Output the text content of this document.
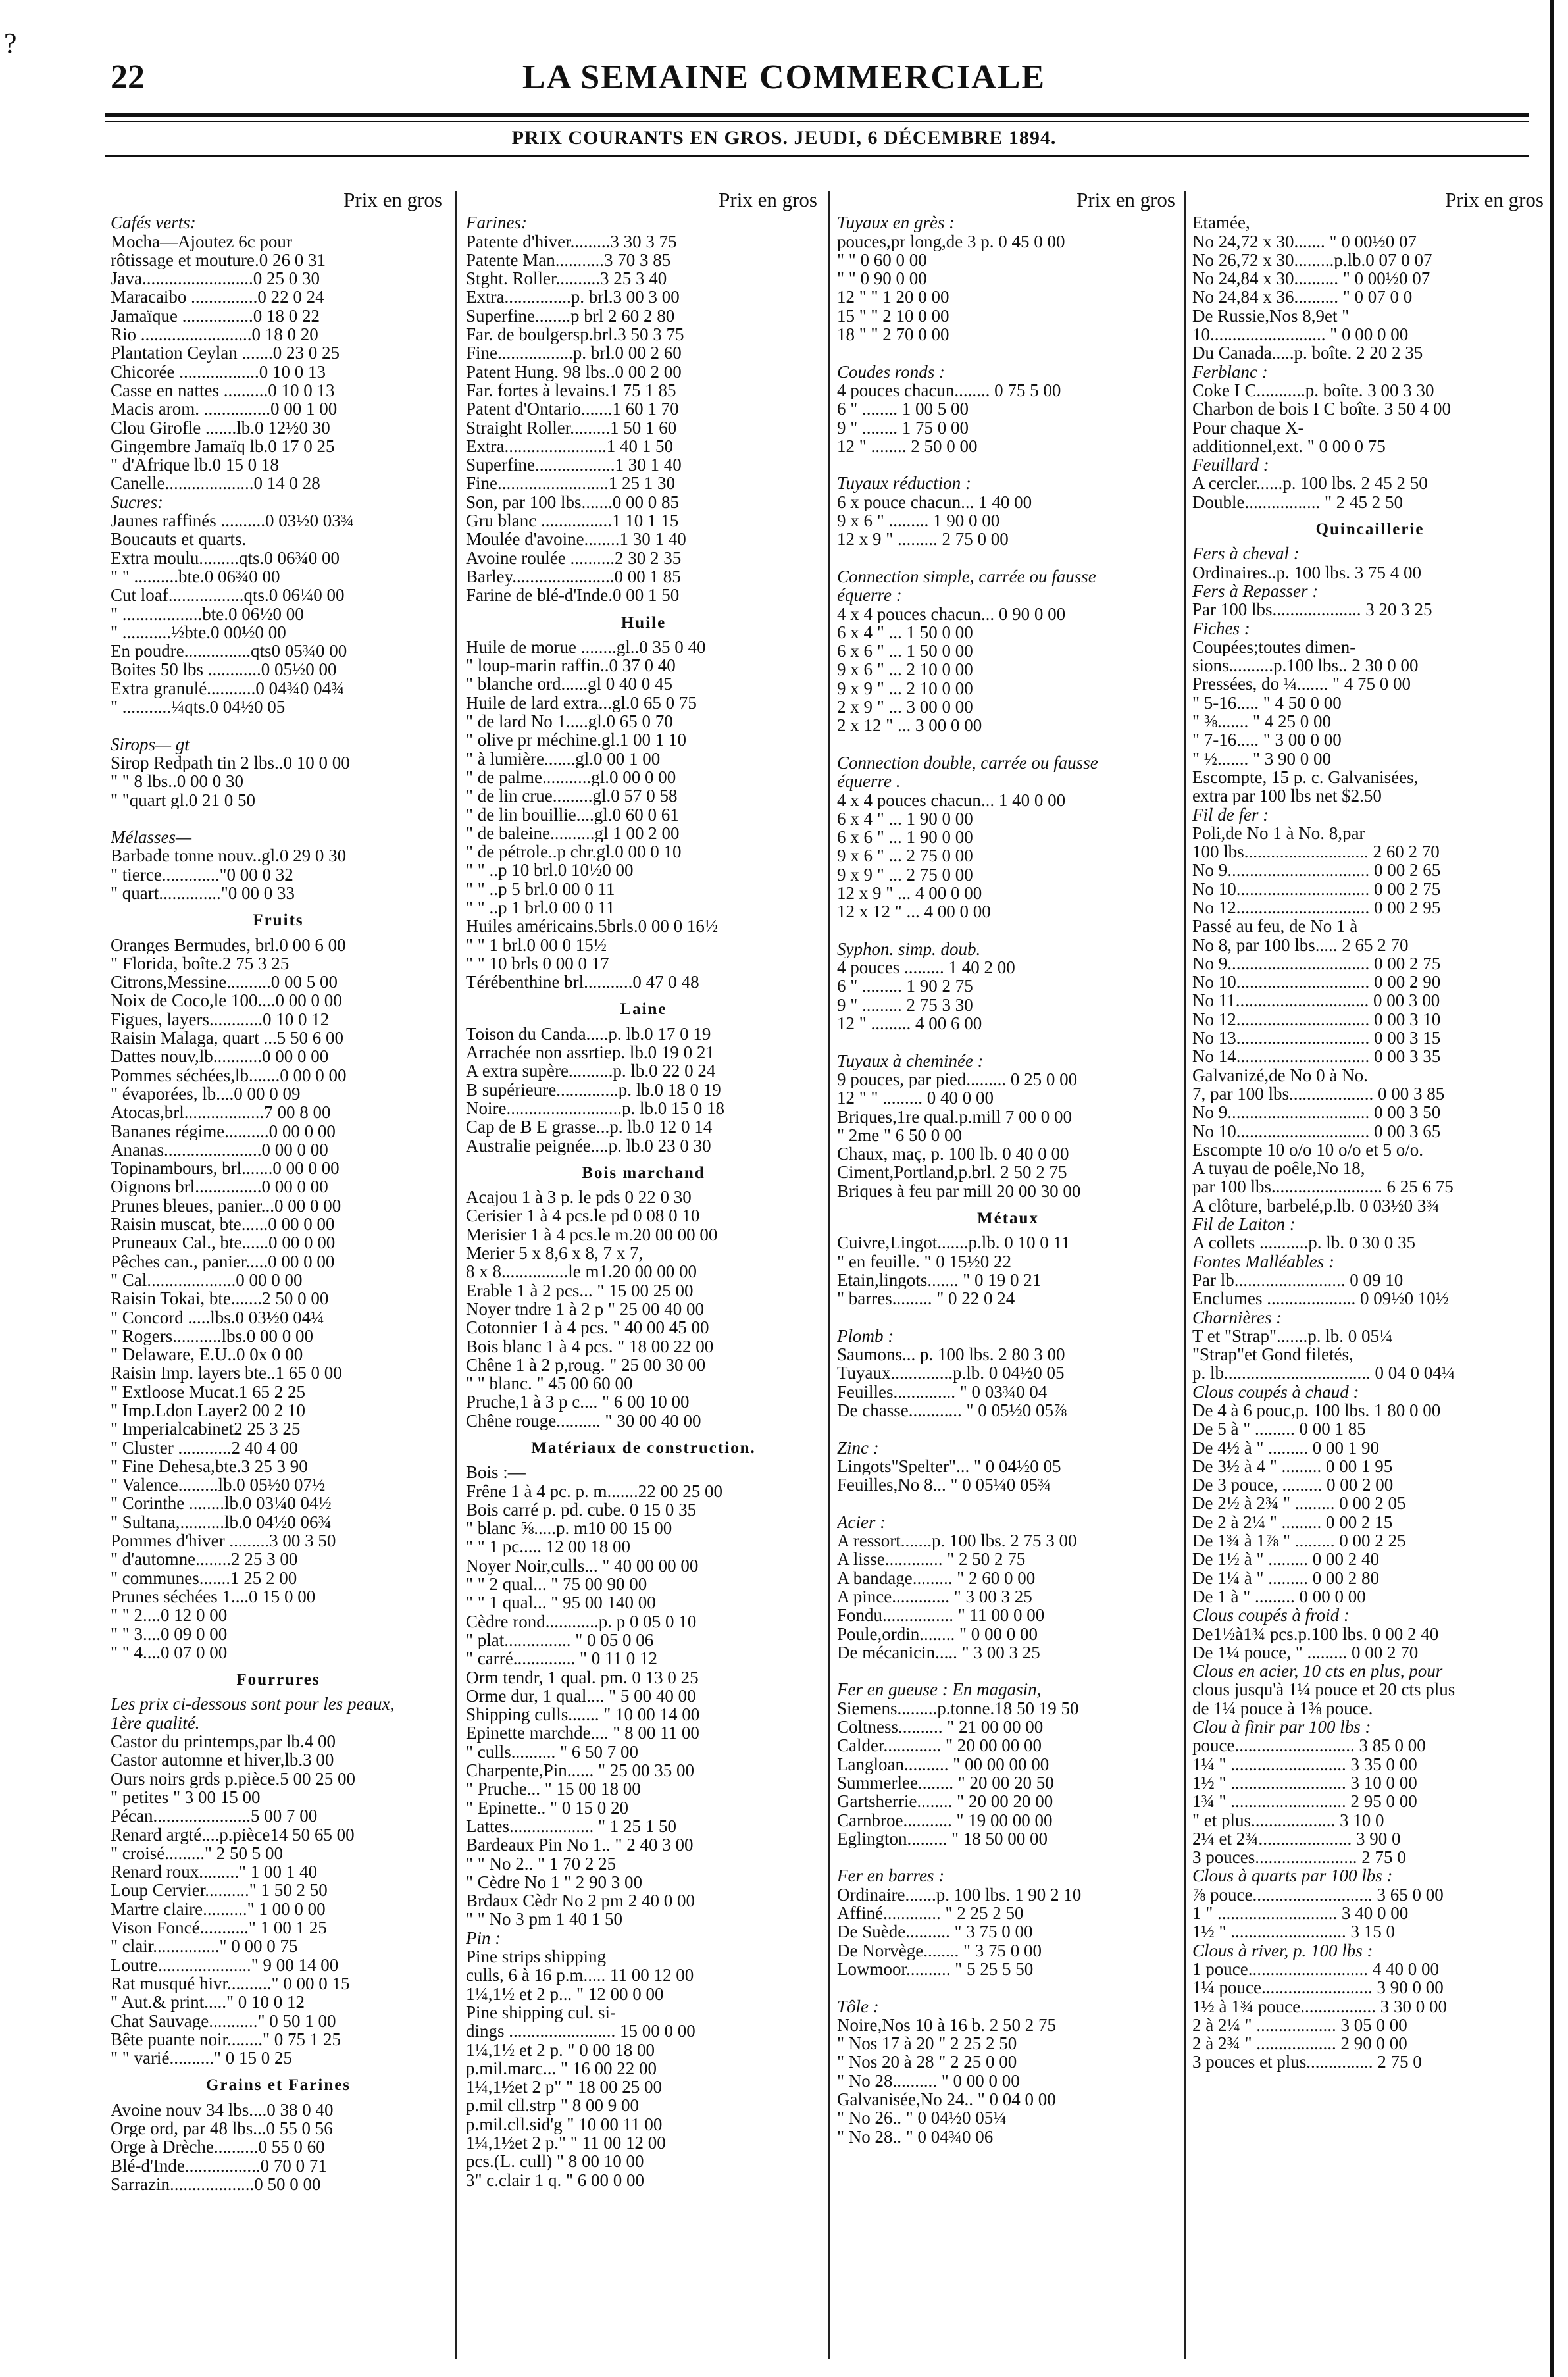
22	LA SEMAINE COMMERCIALE
PRIX COURANTS EN GROS. JEUDI, 6 DÉCEMBRE 1894.
?
Prix en gros
Cafés verts:
Mocha—Ajoutez 6c pour
rôtissage et mouture.0 26 0 31
Java.........................0 25 0 30
Maracaibo ...............0 22 0 24
Jamaïque ................0 18 0 22
Rio .........................0 18 0 20
Plantation Ceylan .......0 23 0 25
Chicorée ..................0 10 0 13
Casse en nattes ..........0 10 0 13
Macis arom. ...............0 00 1 00
Clou Girofle .......lb.0 12½0 30
Gingembre Jamaïq lb.0 17 0 25
" d'Afrique lb.0 15 0 18
Canelle....................0 14 0 28
Sucres:
Jaunes raffinés ..........0 03½0 03¾
Boucauts et quarts.
Extra moulu.........qts.0 06¾0 00
" " ..........bte.0 06¾0 00
Cut loaf.................qts.0 06¼0 00
" ..................bte.0 06½0 00
" ...........½bte.0 00½0 00
En poudre...............qts0 05¾0 00
Boites 50 lbs ............0 05½0 00
Extra granulé...........0 04¾0 04¾
" ...........¼qts.0 04½0 05
Sirops— gt
Sirop Redpath tin 2 lbs..0 10 0 00
" " 8 lbs..0 00 0 30
" "quart gl.0 21 0 50
Mélasses—
Barbade tonne nouv..gl.0 29 0 30
" tierce............."0 00 0 32
" quart.............."0 00 0 33
Fruits
Oranges Bermudes, brl.0 00 6 00
" Florida, boîte.2 75 3 25
Citrons,Messine..........0 00 5 00
Noix de Coco,le 100....0 00 0 00
Figues, layers............0 10 0 12
Raisin Malaga, quart ...5 50 6 00
Dattes nouv,lb...........0 00 0 00
Pommes séchées,lb.......0 00 0 00
" évaporées, lb....0 00 0 09
Atocas,brl..................7 00 8 00
Bananes régime..........0 00 0 00
Ananas......................0 00 0 00
Topinambours, brl.......0 00 0 00
Oignons brl...............0 00 0 00
Prunes bleues, panier...0 00 0 00
Raisin muscat, bte......0 00 0 00
Pruneaux Cal., bte......0 00 0 00
Pêches can., panier.....0 00 0 00
" Cal....................0 00 0 00
Raisin Tokai, bte.......2 50 0 00
" Concord .....lbs.0 03½0 04¼
" Rogers...........lbs.0 00 0 00
" Delaware, E.U..0 0x 0 00
Raisin Imp. layers bte..1 65 0 00
" Extloose Mucat.1 65 2 25
" Imp.Ldon Layer2 00 2 10
" Imperialcabinet2 25 3 25
" Cluster ............2 40 4 00
" Fine Dehesa,bte.3 25 3 90
" Valence.........lb.0 05½0 07½
" Corinthe ........lb.0 03¼0 04½
" Sultana,..........lb.0 04½0 06¾
Pommes d'hiver .........3 00 3 50
" d'automne........2 25 3 00
" communes.......1 25 2 00
Prunes séchées 1....0 15 0 00
" " 2....0 12 0 00
" " 3....0 09 0 00
" " 4....0 07 0 00
Fourrures
Les prix ci-dessous sont pour les peaux,
1ère qualité.
Castor du printemps,par lb.4 00
Castor automne et hiver,lb.3 00
Ours noirs grds p.pièce.5 00 25 00
" petites " 3 00 15 00
Pécan......................5 00 7 00
Renard argté....p.pièce14 50 65 00
" croisé........." 2 50 5 00
Renard roux........." 1 00 1 40
Loup Cervier.........." 1 50 2 50
Martre claire.........." 1 00 0 00
Vison Foncé..........." 1 00 1 25
" clair..............." 0 00 0 75
Loutre....................." 9 00 14 00
Rat musqué hivr.........." 0 00 0 15
" Aut.& print....." 0 10 0 12
Chat Sauvage..........." 0 50 1 00
Bête puante noir........" 0 75 1 25
" " varié.........." 0 15 0 25
Grains et Farines
Avoine nouv 34 lbs....0 38 0 40
Orge ord, par 48 lbs...0 55 0 56
Orge à Drèche..........0 55 0 60
Blé-d'Inde.................0 70 0 71
Sarrazin...................0 50 0 00
Prix en gros
Farines:
Patente d'hiver.........3 30 3 75
Patente Man...........3 70 3 85
Stght. Roller..........3 25 3 40
Extra...............p. brl.3 00 3 00
Superfine........p brl 2 60 2 80
Far. de boulgersp.brl.3 50 3 75
Fine.................p. brl.0 00 2 60
Patent Hung. 98 lbs..0 00 2 00
Far. fortes à levains.1 75 1 85
Patent d'Ontario.......1 60 1 70
Straight Roller.........1 50 1 60
Extra.......................1 40 1 50
Superfine..................1 30 1 40
Fine.........................1 25 1 30
Son, par 100 lbs.......0 00 0 85
Gru blanc ................1 10 1 15
Moulée d'avoine........1 30 1 40
Avoine roulée ..........2 30 2 35
Barley.......................0 00 1 85
Farine de blé-d'Inde.0 00 1 50
Huile
Huile de morue ........gl..0 35 0 40
" loup-marin raffin..0 37 0 40
" blanche ord......gl 0 40 0 45
Huile de lard extra...gl.0 65 0 75
" de lard No 1.....gl.0 65 0 70
" olive pr méchine.gl.1 00 1 10
" à lumière.......gl.0 00 1 00
" de palme...........gl.0 00 0 00
" de lin crue.........gl.0 57 0 58
" de lin bouillie....gl.0 60 0 61
" de baleine..........gl 1 00 2 00
" de pétrole..p chr.gl.0 00 0 10
" " ..p 10 brl.0 10½0 00
" " ..p 5 brl.0 00 0 11
" " ..p 1 brl.0 00 0 11
Huiles américains.5brls.0 00 0 16½
" " 1 brl.0 00 0 15½
" " 10 brls 0 00 0 17
Térébenthine brl...........0 47 0 48
Laine
Toison du Canda.....p. lb.0 17 0 19
Arrachée non assrtiep. lb.0 19 0 21
A extra supère..........p. lb.0 22 0 24
B supérieure..............p. lb.0 18 0 19
Noire..........................p. lb.0 15 0 18
Cap de B E grasse...p. lb.0 12 0 14
Australie peignée....p. lb.0 23 0 30
Bois marchand
Acajou 1 à 3 p. le pds 0 22 0 30
Cerisier 1 à 4 pcs.le pd 0 08 0 10
Merisier 1 à 4 pcs.le m.20 00 00 00
Merier 5 x 8,6 x 8, 7 x 7,
8 x 8...............le m1.20 00 00 00
Erable 1 à 2 pcs... " 15 00 25 00
Noyer tndre 1 à 2 p " 25 00 40 00
Cotonnier 1 à 4 pcs. " 40 00 45 00
Bois blanc 1 à 4 pcs. " 18 00 22 00
Chêne 1 à 2 p,roug. " 25 00 30 00
" " blanc. " 45 00 60 00
Pruche,1 à 3 p c.... " 6 00 10 00
Chêne rouge.......... " 30 00 40 00
Matériaux de construction.
Bois :—
Frêne 1 à 4 pc. p. m.......22 00 25 00
Bois carré p. pd. cube. 0 15 0 35
" blanc ⅝.....p. m10 00 15 00
" " 1 pc..... 12 00 18 00
Noyer Noir,culls... " 40 00 00 00
" " 2 qual... " 75 00 90 00
" " 1 qual... " 95 00 140 00
Cèdre rond............p. p 0 05 0 10
" plat............... " 0 05 0 06
" carré.............. " 0 11 0 12
Orm tendr, 1 qual. pm. 0 13 0 25
Orme dur, 1 qual.... " 5 00 40 00
Shipping culls....... " 10 00 14 00
Epinette marchde.... " 8 00 11 00
" culls.......... " 6 50 7 00
Charpente,Pin...... " 25 00 35 00
" Pruche... " 15 00 18 00
" Epinette.. " 0 15 0 20
Lattes................... " 1 25 1 50
Bardeaux Pin No 1.. " 2 40 3 00
" " No 2.. " 1 70 2 25
" Cèdre No 1 " 2 90 3 00
Brdaux Cèdr No 2 pm 2 40 0 00
" " No 3 pm 1 40 1 50
Pin :
Pine strips shipping
culls, 6 à 16 p.m..... 11 00 12 00
1¼,1½ et 2 p... " 12 00 0 00
Pine shipping cul. si-
dings ........................ 15 00 0 00
1¼,1½ et 2 p. " 0 00 18 00
p.mil.marc... " 16 00 22 00
1¼,1½et 2 p" " 18 00 25 00
p.mil cll.strp " 8 00 9 00
p.mil.cll.sid'g " 10 00 11 00
1¼,1½et 2 p." " 11 00 12 00
pcs.(L. cull) " 8 00 10 00
3" c.clair 1 q. " 6 00 0 00
Prix en gros
Tuyaux en grès :
pouces,pr long,de 3 p. 0 45 0 00
" " 0 60 0 00
" " 0 90 0 00
12 " " 1 20 0 00
15 " " 2 10 0 00
18 " " 2 70 0 00
Coudes ronds :
4 pouces chacun........ 0 75 5 00
6 " ........ 1 00 5 00
9 " ........ 1 75 0 00
12 " ........ 2 50 0 00
Tuyaux réduction :
6 x pouce chacun... 1 40 00
9 x 6 " ......... 1 90 0 00
12 x 9 " ......... 2 75 0 00
Connection simple, carrée ou fausse
équerre :
4 x 4 pouces chacun... 0 90 0 00
6 x 4 " ... 1 50 0 00
6 x 6 " ... 1 50 0 00
9 x 6 " ... 2 10 0 00
9 x 9 " ... 2 10 0 00
2 x 9 " ... 3 00 0 00
2 x 12 " ... 3 00 0 00
Connection double, carrée ou fausse
équerre .
4 x 4 pouces chacun... 1 40 0 00
6 x 4 " ... 1 90 0 00
6 x 6 " ... 1 90 0 00
9 x 6 " ... 2 75 0 00
9 x 9 " ... 2 75 0 00
12 x 9 " ... 4 00 0 00
12 x 12 " ... 4 00 0 00
Syphon. simp. doub.
4 pouces ......... 1 40 2 00
6 " ......... 1 90 2 75
9 " ......... 2 75 3 30
12 " ......... 4 00 6 00
Tuyaux à cheminée :
9 pouces, par pied......... 0 25 0 00
12 " " ......... 0 40 0 00
Briques,1re qual.p.mill 7 00 0 00
" 2me " 6 50 0 00
Chaux, maç, p. 100 lb. 0 40 0 00
Ciment,Portland,p.brl. 2 50 2 75
Briques à feu par mill 20 00 30 00
Métaux
Cuivre,Lingot.......p.lb. 0 10 0 11
" en feuille. " 0 15½0 22
Etain,lingots....... " 0 19 0 21
" barres......... " 0 22 0 24
Plomb :
Saumons... p. 100 lbs. 2 80 3 00
Tuyaux..............p.lb. 0 04½0 05
Feuilles.............. " 0 03¾0 04
De chasse............ " 0 05½0 05⅞
Zinc :
Lingots"Spelter"... " 0 04½0 05
Feuilles,No 8... " 0 05¼0 05¾
Acier :
A ressort.......p. 100 lbs. 2 75 3 00
A lisse............. " 2 50 2 75
A bandage......... " 2 60 0 00
A pince............. " 3 00 3 25
Fondu................ " 11 00 0 00
Poule,ordin........ " 0 00 0 00
De mécanicin..... " 3 00 3 25
Fer en gueuse : En magasin,
Siemens.........p.tonne.18 50 19 50
Coltness.......... " 21 00 00 00
Calder............. " 20 00 00 00
Langloan.......... " 00 00 00 00
Summerlee........ " 20 00 20 50
Gartsherrie........ " 20 00 20 00
Carnbroe........... " 19 00 00 00
Eglington......... " 18 50 00 00
Fer en barres :
Ordinaire.......p. 100 lbs. 1 90 2 10
Affiné............. " 2 25 2 50
De Suède.......... " 3 75 0 00
De Norvège........ " 3 75 0 00
Lowmoor.......... " 5 25 5 50
Tôle :
Noire,Nos 10 à 16 b. 2 50 2 75
" Nos 17 à 20 " 2 25 2 50
" Nos 20 à 28 " 2 25 0 00
" No 28.......... " 0 00 0 00
Galvanisée,No 24.. " 0 04 0 00
" No 26.. " 0 04½0 05¼
" No 28.. " 0 04¾0 06
Prix en gros
Etamée,
No 24,72 x 30....... " 0 00½0 07
No 26,72 x 30.........p.lb.0 07 0 07
No 24,84 x 30.......... " 0 00½0 07
No 24,84 x 36.......... " 0 07 0 0
De Russie,Nos 8,9et "
10.......................... " 0 00 0 00
Du Canada.....p. boîte. 2 20 2 35
Ferblanc :
Coke I C...........p. boîte. 3 00 3 30
Charbon de bois I C boîte. 3 50 4 00
Pour chaque X-
additionnel,ext. " 0 00 0 75
Feuillard :
A cercler......p. 100 lbs. 2 45 2 50
Double................. " 2 45 2 50
Quincaillerie
Fers à cheval :
Ordinaires..p. 100 lbs. 3 75 4 00
Fers à Repasser :
Par 100 lbs.................... 3 20 3 25
Fiches :
Coupées;toutes dimen-
sions..........p.100 lbs.. 2 30 0 00
Pressées, do ¼....... " 4 75 0 00
" 5-16..... " 4 50 0 00
" ⅜....... " 4 25 0 00
" 7-16..... " 3 00 0 00
" ½....... " 3 90 0 00
Escompte, 15 p. c. Galvanisées,
extra par 100 lbs net $2.50
Fil de fer :
Poli,de No 1 à No. 8,par
100 lbs............................ 2 60 2 70
No 9................................ 0 00 2 65
No 10.............................. 0 00 2 75
No 12.............................. 0 00 2 95
Passé au feu, de No 1 à
No 8, par 100 lbs..... 2 65 2 70
No 9................................ 0 00 2 75
No 10.............................. 0 00 2 90
No 11.............................. 0 00 3 00
No 12.............................. 0 00 3 10
No 13.............................. 0 00 3 15
No 14.............................. 0 00 3 35
Galvanizé,de No 0 à No.
7, par 100 lbs................... 0 00 3 85
No 9................................ 0 00 3 50
No 10.............................. 0 00 3 65
Escompte 10 o/o 10 o/o et 5 o/o.
A tuyau de poêle,No 18,
par 100 lbs......................... 6 25 6 75
A clôture, barbelé,p.lb. 0 03½0 3¾
Fil de Laiton :
A collets ...........p. lb. 0 30 0 35
Fontes Malléables :
Par lb......................... 0 09 10
Enclumes .................... 0 09½0 10½
Charnières :
T et "Strap".......p. lb. 0 05¼
"Strap"et Gond filetés,
p. lb................................. 0 04 0 04¼
Clous coupés à chaud :
De 4 à 6 pouc,p. 100 lbs. 1 80 0 00
De 5 à " ......... 0 00 1 85
De 4½ à " ......... 0 00 1 90
De 3½ à 4 " ......... 0 00 1 95
De 3 pouce, ......... 0 00 2 00
De 2½ à 2¾ " ......... 0 00 2 05
De 2 à 2¼ " ......... 0 00 2 15
De 1¾ à 1⅞ " ......... 0 00 2 25
De 1½ à " ......... 0 00 2 40
De 1¼ à " ......... 0 00 2 80
De 1 à " ......... 0 00 0 00
Clous coupés à froid :
De1½à1¾ pcs.p.100 lbs. 0 00 2 40
De 1¼ pouce, " ......... 0 00 2 70
Clous en acier, 10 cts en plus, pour
clous jusqu'à 1¼ pouce et 20 cts plus
de 1¼ pouce à 1⅜ pouce.
Clou à finir par 100 lbs :
pouce........................... 3 85 0 00
1¼ " .......................... 3 35 0 00
1½ " .......................... 3 10 0 00
1¾ " .......................... 2 95 0 00
" et plus................... 3 10 0
2¼ et 2¾..................... 3 90 0
3 pouces....................... 2 75 0
Clous à quarts par 100 lbs :
⅞ pouce........................... 3 65 0 00
1 " ........................... 3 40 0 00
1½ " .......................... 3 15 0
Clous à river, p. 100 lbs :
1 pouce........................... 4 40 0 00
1¼ pouce......................... 3 90 0 00
1½ à 1¾ pouce................. 3 30 0 00
2 à 2¼ " .................. 3 05 0 00
2 à 2¾ " .................. 2 90 0 00
3 pouces et plus............... 2 75 0
